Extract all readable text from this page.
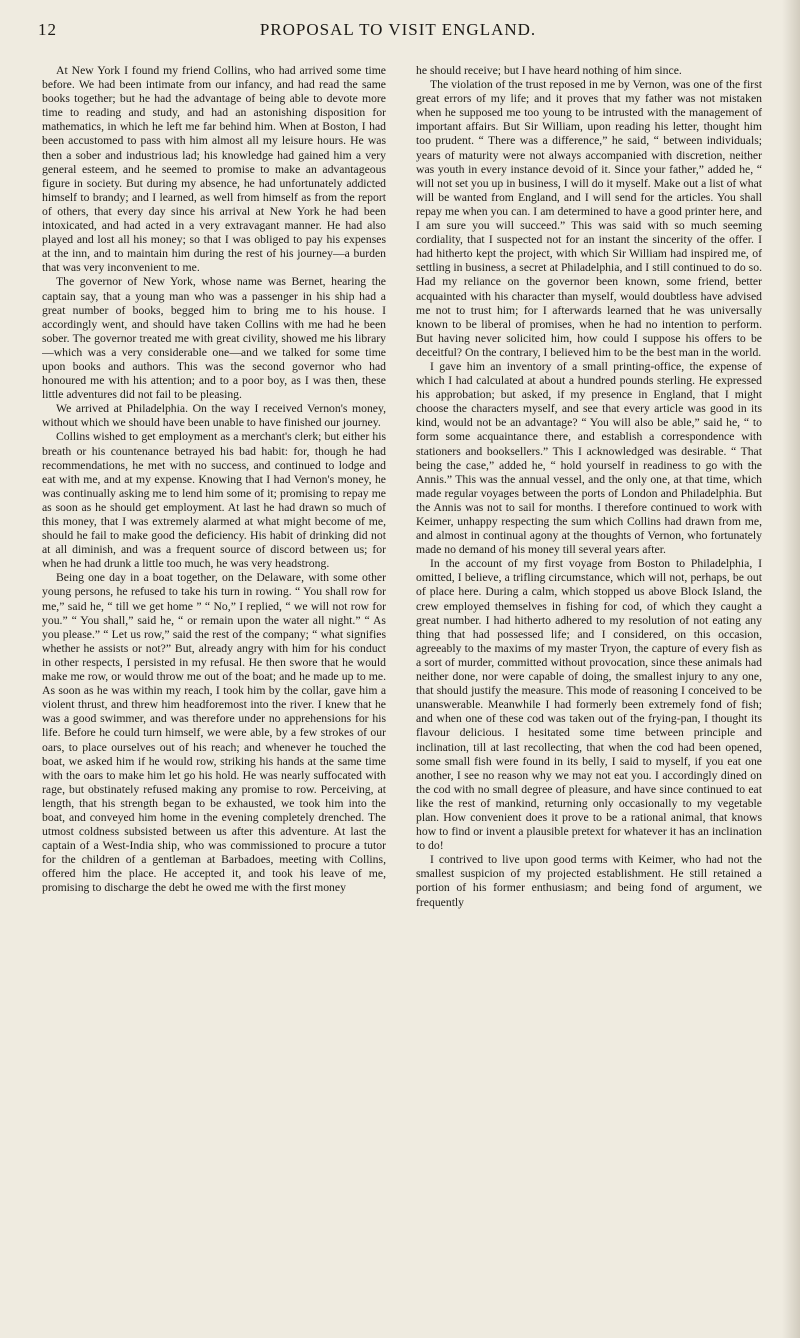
12	PROPOSAL TO VISIT ENGLAND.

At New York I found my friend Collins, who had arrived some time before. We had been intimate from our infancy, and had read the same books together; but he had the advantage of being able to devote more time to reading and study, and had an astonishing disposition for mathematics, in which he left me far behind him. When at Boston, I had been accustomed to pass with him almost all my leisure hours. He was then a sober and industrious lad; his knowledge had gained him a very general esteem, and he seemed to promise to make an advantageous figure in society. But during my absence, he had unfortunately addicted himself to brandy; and I learned, as well from himself as from the report of others, that every day since his arrival at New York he had been intoxicated, and had acted in a very extravagant manner. He had also played and lost all his money; so that I was obliged to pay his expenses at the inn, and to maintain him during the rest of his journey—a burden that was very inconvenient to me.

The governor of New York, whose name was Bernet, hearing the captain say, that a young man who was a passenger in his ship had a great number of books, begged him to bring me to his house. I accordingly went, and should have taken Collins with me had he been sober. The governor treated me with great civility, showed me his library—which was a very considerable one—and we talked for some time upon books and authors. This was the second governor who had honoured me with his attention; and to a poor boy, as I was then, these little adventures did not fail to be pleasing.

We arrived at Philadelphia. On the way I received Vernon's money, without which we should have been unable to have finished our journey.

Collins wished to get employment as a merchant's clerk; but either his breath or his countenance betrayed his bad habit: for, though he had recommendations, he met with no success, and continued to lodge and eat with me, and at my expense. Knowing that I had Vernon's money, he was continually asking me to lend him some of it; promising to repay me as soon as he should get employment. At last he had drawn so much of this money, that I was extremely alarmed at what might become of me, should he fail to make good the deficiency. His habit of drinking did not at all diminish, and was a frequent source of discord between us; for when he had drunk a little too much, he was very headstrong.

Being one day in a boat together, on the Delaware, with some other young persons, he refused to take his turn in rowing. “ You shall row for me,” said he, “ till we get home ” “ No,” I replied, “ we will not row for you.” “ You shall,” said he, “ or remain upon the water all night.” “ As you please.” “ Let us row,” said the rest of the company; “ what signifies whether he assists or not?” But, already angry with him for his conduct in other respects, I persisted in my refusal. He then swore that he would make me row, or would throw me out of the boat; and he made up to me. As soon as he was within my reach, I took him by the collar, gave him a violent thrust, and threw him headforemost into the river. I knew that he was a good swimmer, and was therefore under no apprehensions for his life. Before he could turn himself, we were able, by a few strokes of our oars, to place ourselves out of his reach; and whenever he touched the boat, we asked him if he would row, striking his hands at the same time with the oars to make him let go his hold. He was nearly suffocated with rage, but obstinately refused making any promise to row. Perceiving, at length, that his strength began to be exhausted, we took him into the boat, and conveyed him home in the evening completely drenched. The utmost coldness subsisted between us after this adventure. At last the captain of a West-India ship, who was commissioned to procure a tutor for the children of a gentleman at Barbadoes, meeting with Collins, offered him the place. He accepted it, and took his leave of me, promising to discharge the debt he owed me with the first money

he should receive; but I have heard nothing of him since.

The violation of the trust reposed in me by Vernon, was one of the first great errors of my life; and it proves that my father was not mistaken when he supposed me too young to be intrusted with the management of important affairs. But Sir William, upon reading his letter, thought him too prudent. “ There was a difference,” he said, “ between individuals; years of maturity were not always accompanied with discretion, neither was youth in every instance devoid of it. Since your father,” added he, “ will not set you up in business, I will do it myself. Make out a list of what will be wanted from England, and I will send for the articles. You shall repay me when you can. I am determined to have a good printer here, and I am sure you will succeed.” This was said with so much seeming cordiality, that I suspected not for an instant the sincerity of the offer. I had hitherto kept the project, with which Sir William had inspired me, of settling in business, a secret at Philadelphia, and I still continued to do so. Had my reliance on the governor been known, some friend, better acquainted with his character than myself, would doubtless have advised me not to trust him; for I afterwards learned that he was universally known to be liberal of promises, when he had no intention to perform. But having never solicited him, how could I suppose his offers to be deceitful? On the contrary, I believed him to be the best man in the world.

I gave him an inventory of a small printing-office, the expense of which I had calculated at about a hundred pounds sterling. He expressed his approbation; but asked, if my presence in England, that I might choose the characters myself, and see that every article was good in its kind, would not be an advantage? “ You will also be able,” said he, “ to form some acquaintance there, and establish a correspondence with stationers and booksellers.” This I acknowledged was desirable. “ That being the case,” added he, “ hold yourself in readiness to go with the Annis.” This was the annual vessel, and the only one, at that time, which made regular voyages between the ports of London and Philadelphia. But the Annis was not to sail for months. I therefore continued to work with Keimer, unhappy respecting the sum which Collins had drawn from me, and almost in continual agony at the thoughts of Vernon, who fortunately made no demand of his money till several years after.

In the account of my first voyage from Boston to Philadelphia, I omitted, I believe, a trifling circumstance, which will not, perhaps, be out of place here. During a calm, which stopped us above Block Island, the crew employed themselves in fishing for cod, of which they caught a great number. I had hitherto adhered to my resolution of not eating any thing that had possessed life; and I considered, on this occasion, agreeably to the maxims of my master Tryon, the capture of every fish as a sort of murder, committed without provocation, since these animals had neither done, nor were capable of doing, the smallest injury to any one, that should justify the measure. This mode of reasoning I conceived to be unanswerable. Meanwhile I had formerly been extremely fond of fish; and when one of these cod was taken out of the frying-pan, I thought its flavour delicious. I hesitated some time between principle and inclination, till at last recollecting, that when the cod had been opened, some small fish were found in its belly, I said to myself, if you eat one another, I see no reason why we may not eat you. I accordingly dined on the cod with no small degree of pleasure, and have since continued to eat like the rest of mankind, returning only occasionally to my vegetable plan. How convenient does it prove to be a rational animal, that knows how to find or invent a plausible pretext for whatever it has an inclination to do!

I contrived to live upon good terms with Keimer, who had not the smallest suspicion of my projected establishment. He still retained a portion of his former enthusiasm; and being fond of argument, we frequently
